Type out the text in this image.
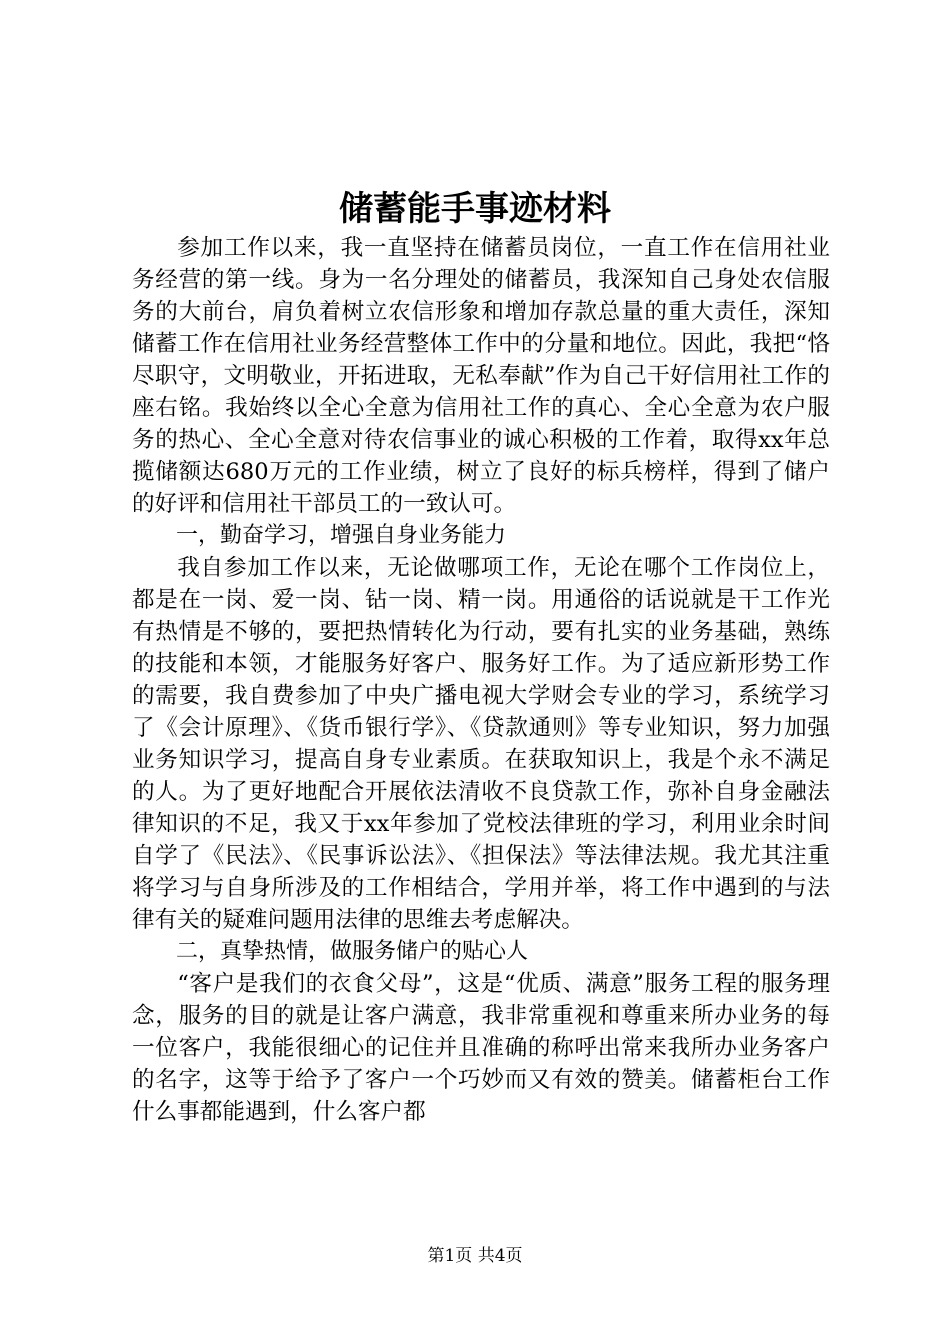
储蓄能手事迹材料

参加工作以来，我一直坚持在储蓄员岗位，一直工作在信用社业务经营的第一线。身为一名分理处的储蓄员，我深知自己身处农信服务的大前台，肩负着树立农信形象和增加存款总量的重大责任，深知储蓄工作在信用社业务经营整体工作中的分量和地位。因此，我把“恪尽职守，文明敬业，开拓进取，无私奉献”作为自己干好信用社工作的座右铭。我始终以全心全意为信用社工作的真心、全心全意为农户服务的热心、全心全意对待农信事业的诚心积极的工作着，取得xx年总揽储额达680万元的工作业绩，树立了良好的标兵榜样，得到了储户的好评和信用社干部员工的一致认可。

一，勤奋学习，增强自身业务能力

我自参加工作以来，无论做哪项工作，无论在哪个工作岗位上，都是在一岗、爱一岗、钻一岗、精一岗。用通俗的话说就是干工作光有热情是不够的，要把热情转化为行动，要有扎实的业务基础，熟练的技能和本领，才能服务好客户、服务好工作。为了适应新形势工作的需要，我自费参加了中央广播电视大学财会专业的学习，系统学习了《会计原理》、《货币银行学》、《贷款通则》等专业知识，努力加强业务知识学习，提高自身专业素质。在获取知识上，我是个永不满足的人。为了更好地配合开展依法清收不良贷款工作，弥补自身金融法律知识的不足，我又于xx年参加了党校法律班的学习，利用业余时间自学了《民法》、《民事诉讼法》、《担保法》等法律法规。我尤其注重将学习与自身所涉及的工作相结合，学用并举，将工作中遇到的与法律有关的疑难问题用法律的思维去考虑解决。

二，真挚热情，做服务储户的贴心人

“客户是我们的衣食父母”，这是“优质、满意”服务工程的服务理念，服务的目的就是让客户满意，我非常重视和尊重来所办业务的每一位客户，我能很细心的记住并且准确的称呼出常来我所办业务客户的名字，这等于给予了客户一个巧妙而又有效的赞美。储蓄柜台工作什么事都能遇到，什么客户都

第1页 共4页
